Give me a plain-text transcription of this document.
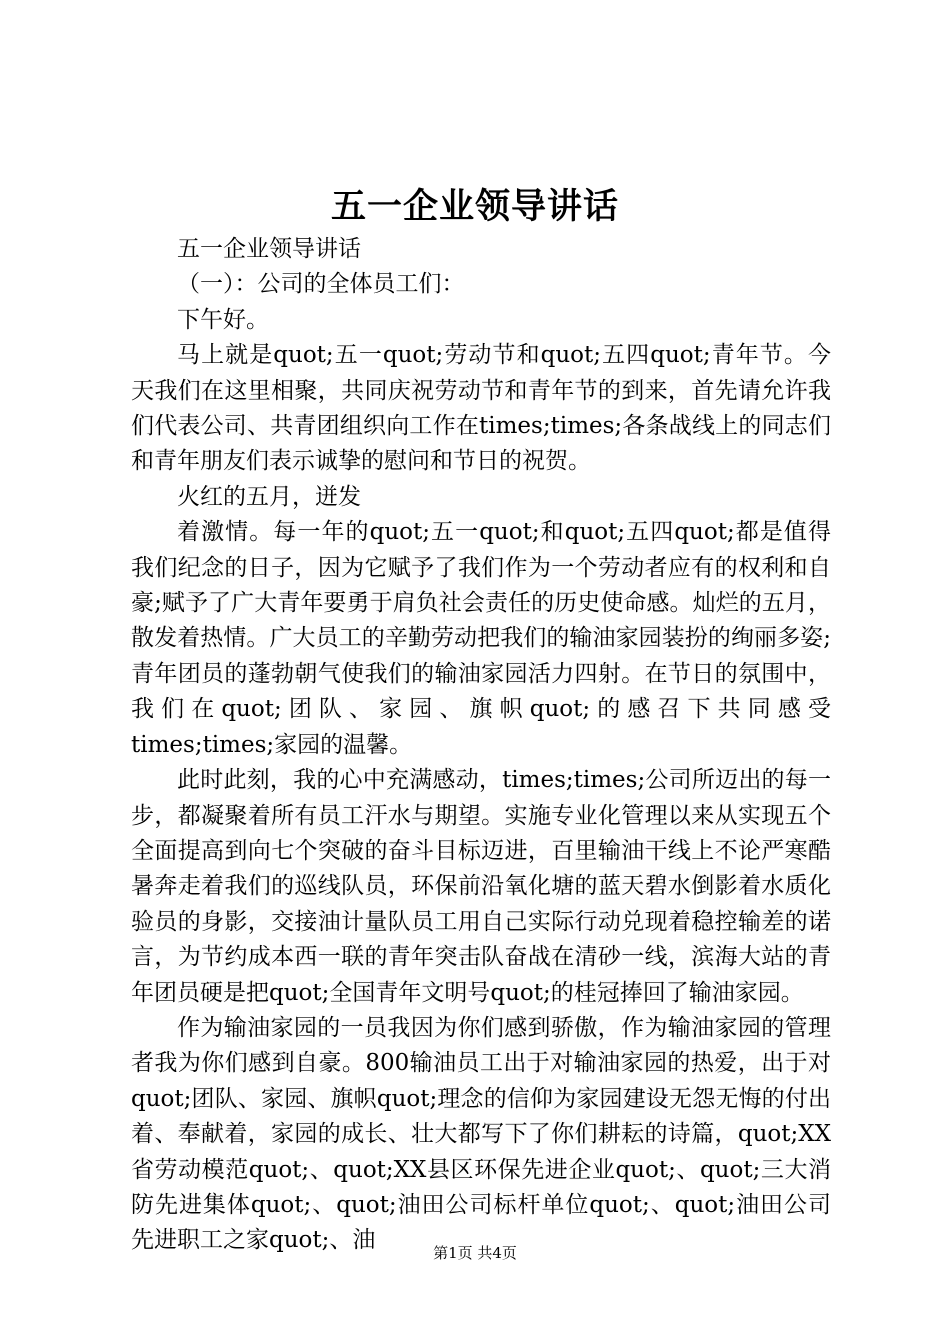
五一企业领导讲话

五一企业领导讲话

（一）：公司的全体员工们：

下午好。

马上就是quot;五一quot;劳动节和quot;五四quot;青年节。今天我们在这里相聚，共同庆祝劳动节和青年节的到来，首先请允许我们代表公司、共青团组织向工作在times;times;各条战线上的同志们和青年朋友们表示诚挚的慰问和节日的祝贺。

火红的五月，迸发

着激情。每一年的quot;五一quot;和quot;五四quot;都是值得我们纪念的日子，因为它赋予了我们作为一个劳动者应有的权利和自豪;赋予了广大青年要勇于肩负社会责任的历史使命感。灿烂的五月，散发着热情。广大员工的辛勤劳动把我们的输油家园装扮的绚丽多姿;青年团员的蓬勃朝气使我们的输油家园活力四射。在节日的氛围中，我们在quot;团队、家园、旗帜quot;的感召下共同感受times;times;家园的温馨。

此时此刻，我的心中充满感动，times;times;公司所迈出的每一步，都凝聚着所有员工汗水与期望。实施专业化管理以来从实现五个全面提高到向七个突破的奋斗目标迈进，百里输油干线上不论严寒酷暑奔走着我们的巡线队员，环保前沿氧化塘的蓝天碧水倒影着水质化验员的身影，交接油计量队员工用自己实际行动兑现着稳控输差的诺言，为节约成本西一联的青年突击队奋战在清砂一线，滨海大站的青年团员硬是把quot;全国青年文明号quot;的桂冠捧回了输油家园。

作为输油家园的一员我因为你们感到骄傲，作为输油家园的管理者我为你们感到自豪。800输油员工出于对输油家园的热爱，出于对quot;团队、家园、旗帜quot;理念的信仰为家园建设无怨无悔的付出着、奉献着，家园的成长、壮大都写下了你们耕耘的诗篇，quot;XX省劳动模范quot;、quot;XX县区环保先进企业quot;、quot;三大消防先进集体quot;、quot;油田公司标杆单位quot;、quot;油田公司先进职工之家quot;、油	第1页 共4页
